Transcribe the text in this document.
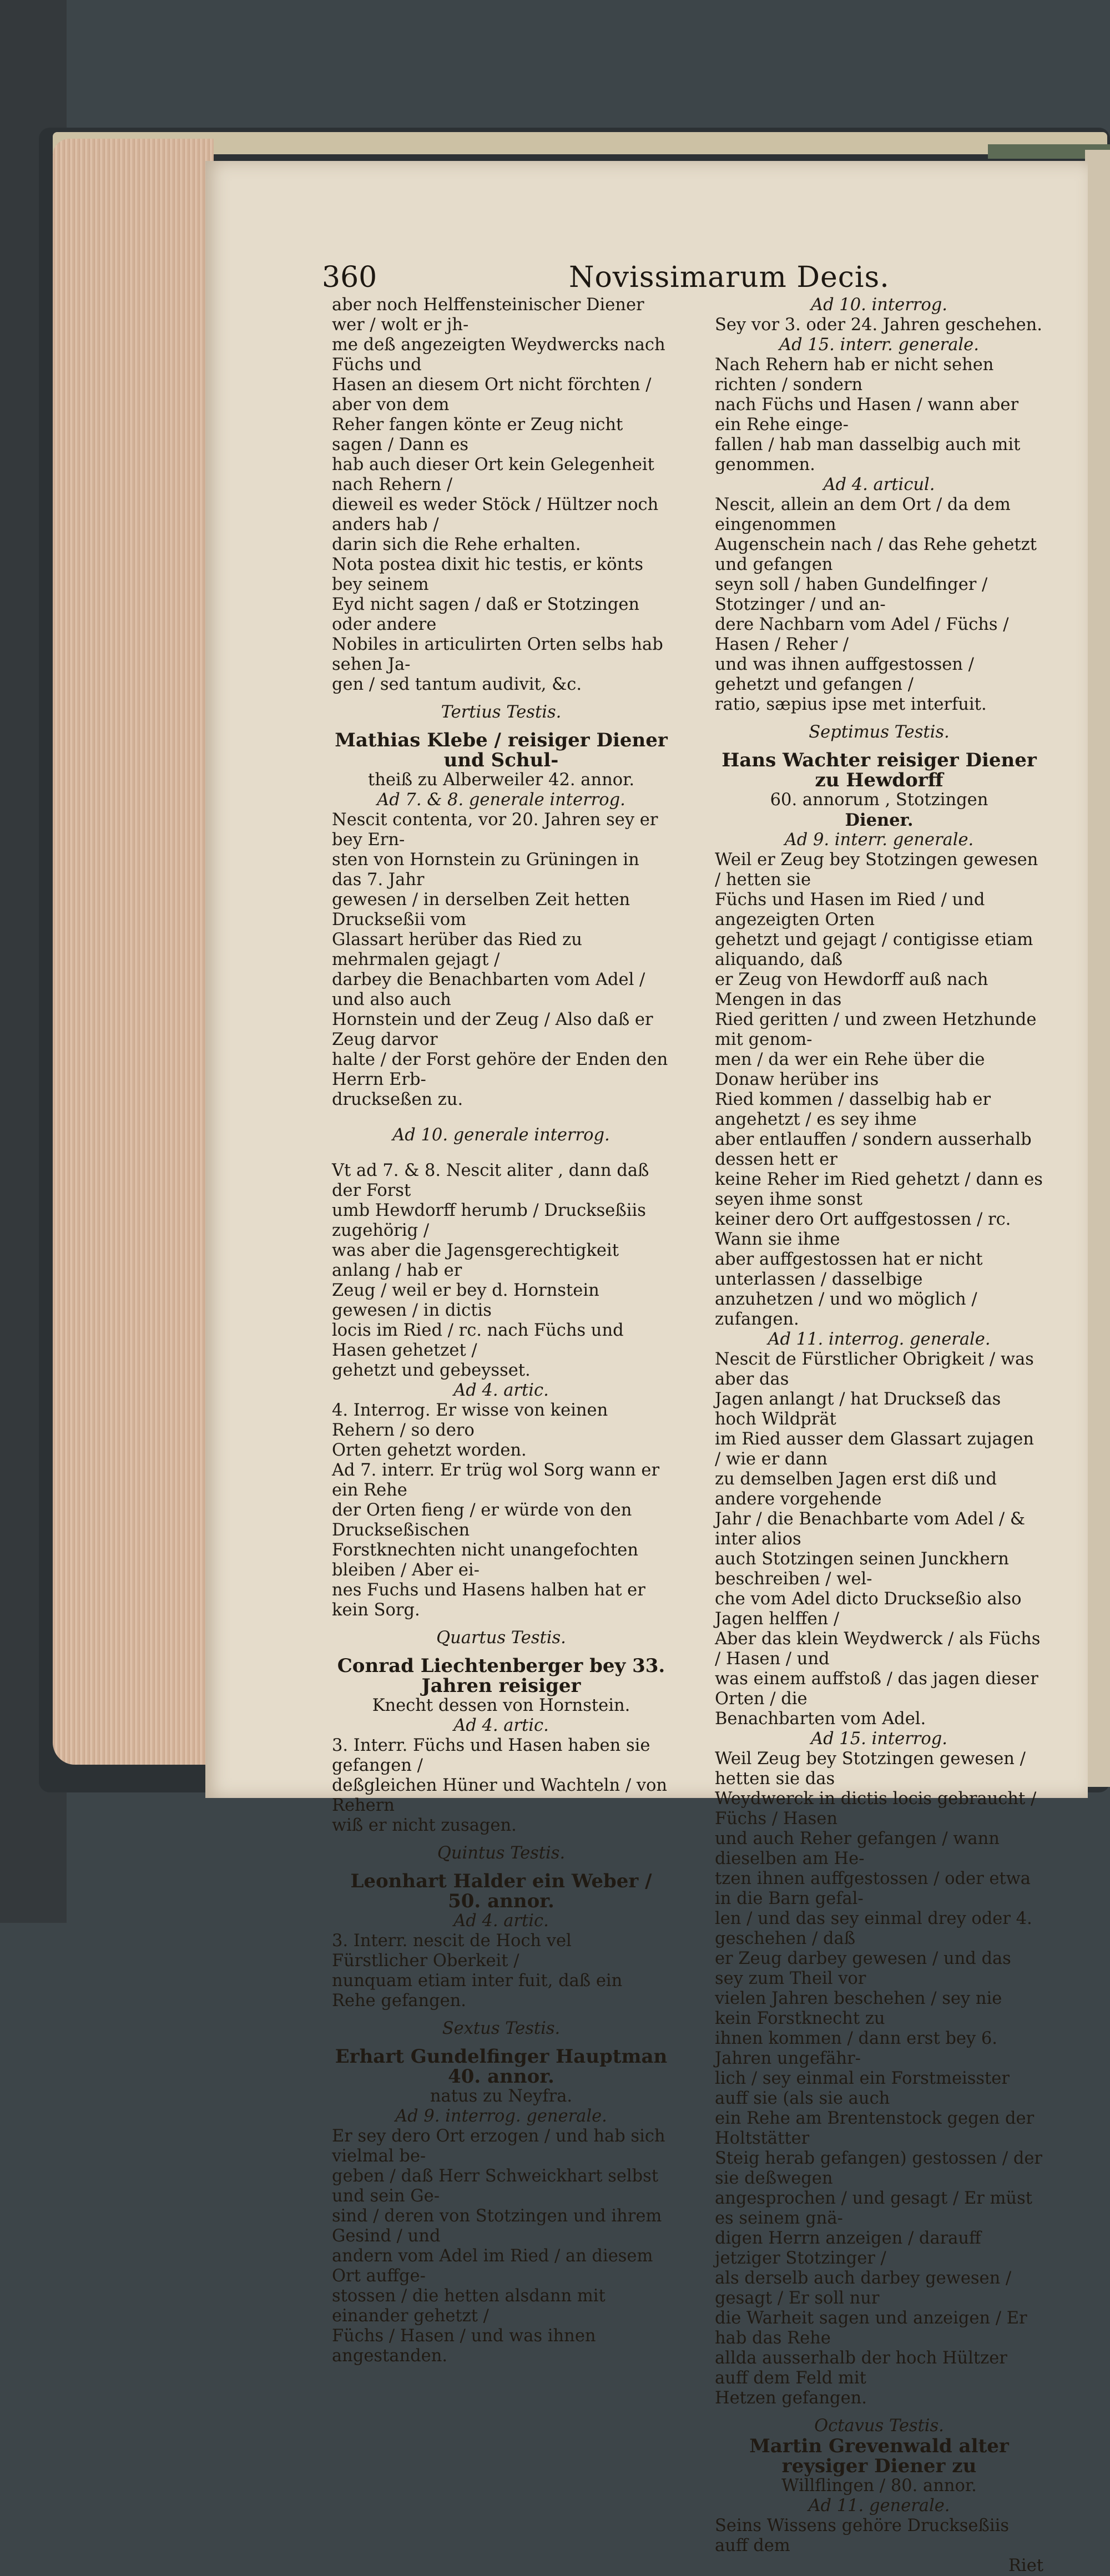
360	Novissimarum Decis.

aber noch Helffensteinischer Diener wer / wolt er jh-

me deß angezeigten Weydwercks nach Füchs und

Hasen an diesem Ort nicht förchten / aber von dem

Reher fangen könte er Zeug nicht sagen / Dann es

hab auch dieser Ort kein Gelegenheit nach Rehern /

dieweil es weder Stöck / Hültzer noch anders hab /

darin sich die Rehe erhalten.

Nota postea dixit hic testis, er könts bey seinem

Eyd nicht sagen / daß er Stotzingen oder andere

Nobiles in articulirten Orten selbs hab sehen Ja-

gen / sed tantum audivit, &c.

Tertius Testis.

Mathias Klebe / reisiger Diener und Schul-

theiß zu Alberweiler 42. annor.

Ad 7. & 8. generale interrog.

Nescit contenta, vor 20. Jahren sey er bey Ern-

sten von Hornstein zu Grüningen in das 7. Jahr

gewesen / in derselben Zeit hetten Druckseßii vom

Glassart herüber das Ried zu mehrmalen gejagt /

darbey die Benachbarten vom Adel / und also auch

Hornstein und der Zeug / Also daß er Zeug darvor

halte / der Forst gehöre der Enden den Herrn Erb-

druckseßen zu.

Ad 10. generale interrog.

Vt ad 7. & 8. Nescit aliter , dann daß der Forst

umb Hewdorff herumb / Druckseßiis zugehörig /

was aber die Jagensgerechtigkeit anlang / hab er

Zeug / weil er bey d. Hornstein gewesen / in dictis

locis im Ried / rc. nach Füchs und Hasen gehetzet /

gehetzt und gebeysset.

Ad 4. artic.

4. Interrog. Er wisse von keinen Rehern / so dero

Orten gehetzt worden.

Ad 7. interr. Er trüg wol Sorg wann er ein Rehe

der Orten fieng / er würde von den Druckseßischen

Forstknechten nicht unangefochten bleiben / Aber ei-

nes Fuchs und Hasens halben hat er kein Sorg.

Quartus Testis.

Conrad Liechtenberger bey 33. Jahren reisiger

Knecht dessen von Hornstein.

Ad 4. artic.

3. Interr. Füchs und Hasen haben sie gefangen /

deßgleichen Hüner und Wachteln / von Rehern

wiß er nicht zusagen.

Quintus Testis.

Leonhart Halder ein Weber / 50. annor.

Ad 4. artic.

3. Interr. nescit de Hoch vel Fürstlicher Oberkeit /

nunquam etiam inter fuit, daß ein Rehe gefangen.

Sextus Testis.

Erhart Gundelfinger Hauptman 40. annor.

natus zu Neyfra.

Ad 9. interrog. generale.

Er sey dero Ort erzogen / und hab sich vielmal be-

geben / daß Herr Schweickhart selbst und sein Ge-

sind / deren von Stotzingen und ihrem Gesind / und

andern vom Adel im Ried / an diesem Ort auffge-

stossen / die hetten alsdann mit einander gehetzt /

Füchs / Hasen / und was ihnen angestanden.

Ad 10. interrog.

Sey vor 3. oder 24. Jahren geschehen.

Ad 15. interr. generale.

Nach Rehern hab er nicht sehen richten / sondern

nach Füchs und Hasen / wann aber ein Rehe einge-

fallen / hab man dasselbig auch mit genommen.

Ad 4. articul.

Nescit, allein an dem Ort / da dem eingenommen

Augenschein nach / das Rehe gehetzt und gefangen

seyn soll / haben Gundelfinger / Stotzinger / und an-

dere Nachbarn vom Adel / Füchs / Hasen / Reher /

und was ihnen auffgestossen / gehetzt und gefangen /

ratio, sæpius ipse met interfuit.

Septimus Testis.

Hans Wachter reisiger Diener zu Hewdorff

60. annorum , Stotzingen

Diener.

Ad 9. interr. generale.

Weil er Zeug bey Stotzingen gewesen / hetten sie

Füchs und Hasen im Ried / und angezeigten Orten

gehetzt und gejagt / contigisse etiam aliquando, daß

er Zeug von Hewdorff auß nach Mengen in das

Ried geritten / und zween Hetzhunde mit genom-

men / da wer ein Rehe über die Donaw herüber ins

Ried kommen / dasselbig hab er angehetzt / es sey ihme

aber entlauffen / sondern ausserhalb dessen hett er

keine Reher im Ried gehetzt / dann es seyen ihme sonst

keiner dero Ort auffgestossen / rc. Wann sie ihme

aber auffgestossen hat er nicht unterlassen / dasselbige

anzuhetzen / und wo möglich / zufangen.

Ad 11. interrog. generale.

Nescit de Fürstlicher Obrigkeit / was aber das

Jagen anlangt / hat Druckseß das hoch Wildprät

im Ried ausser dem Glassart zujagen / wie er dann

zu demselben Jagen erst diß und andere vorgehende

Jahr / die Benachbarte vom Adel / & inter alios

auch Stotzingen seinen Junckhern beschreiben / wel-

che vom Adel dicto Druckseßio also Jagen helffen /

Aber das klein Weydwerck / als Füchs / Hasen / und

was einem auffstoß / das jagen dieser Orten / die

Benachbarten vom Adel.

Ad 15. interrog.

Weil Zeug bey Stotzingen gewesen / hetten sie das

Weydwerck in dictis locis gebraucht / Füchs / Hasen

und auch Reher gefangen / wann dieselben am He-

tzen ihnen auffgestossen / oder etwa in die Barn gefal-

len / und das sey einmal drey oder 4. geschehen / daß

er Zeug darbey gewesen / und das sey zum Theil vor

vielen Jahren beschehen / sey nie kein Forstknecht zu

ihnen kommen / dann erst bey 6. Jahren ungefähr-

lich / sey einmal ein Forstmeisster auff sie (als sie auch

ein Rehe am Brentenstock gegen der Holtstätter

Steig herab gefangen) gestossen / der sie deßwegen

angesprochen / und gesagt / Er müst es seinem gnä-

digen Herrn anzeigen / darauff jetziger Stotzinger /

als derselb auch darbey gewesen / gesagt / Er soll nur

die Warheit sagen und anzeigen / Er hab das Rehe

allda ausserhalb der hoch Hültzer auff dem Feld mit

Hetzen gefangen.

Octavus Testis.

Martin Grevenwald alter reysiger Diener zu

Willflingen / 80. annor.

Ad 11. generale.

Seins Wissens gehöre Druckseßiis auff dem

Riet
